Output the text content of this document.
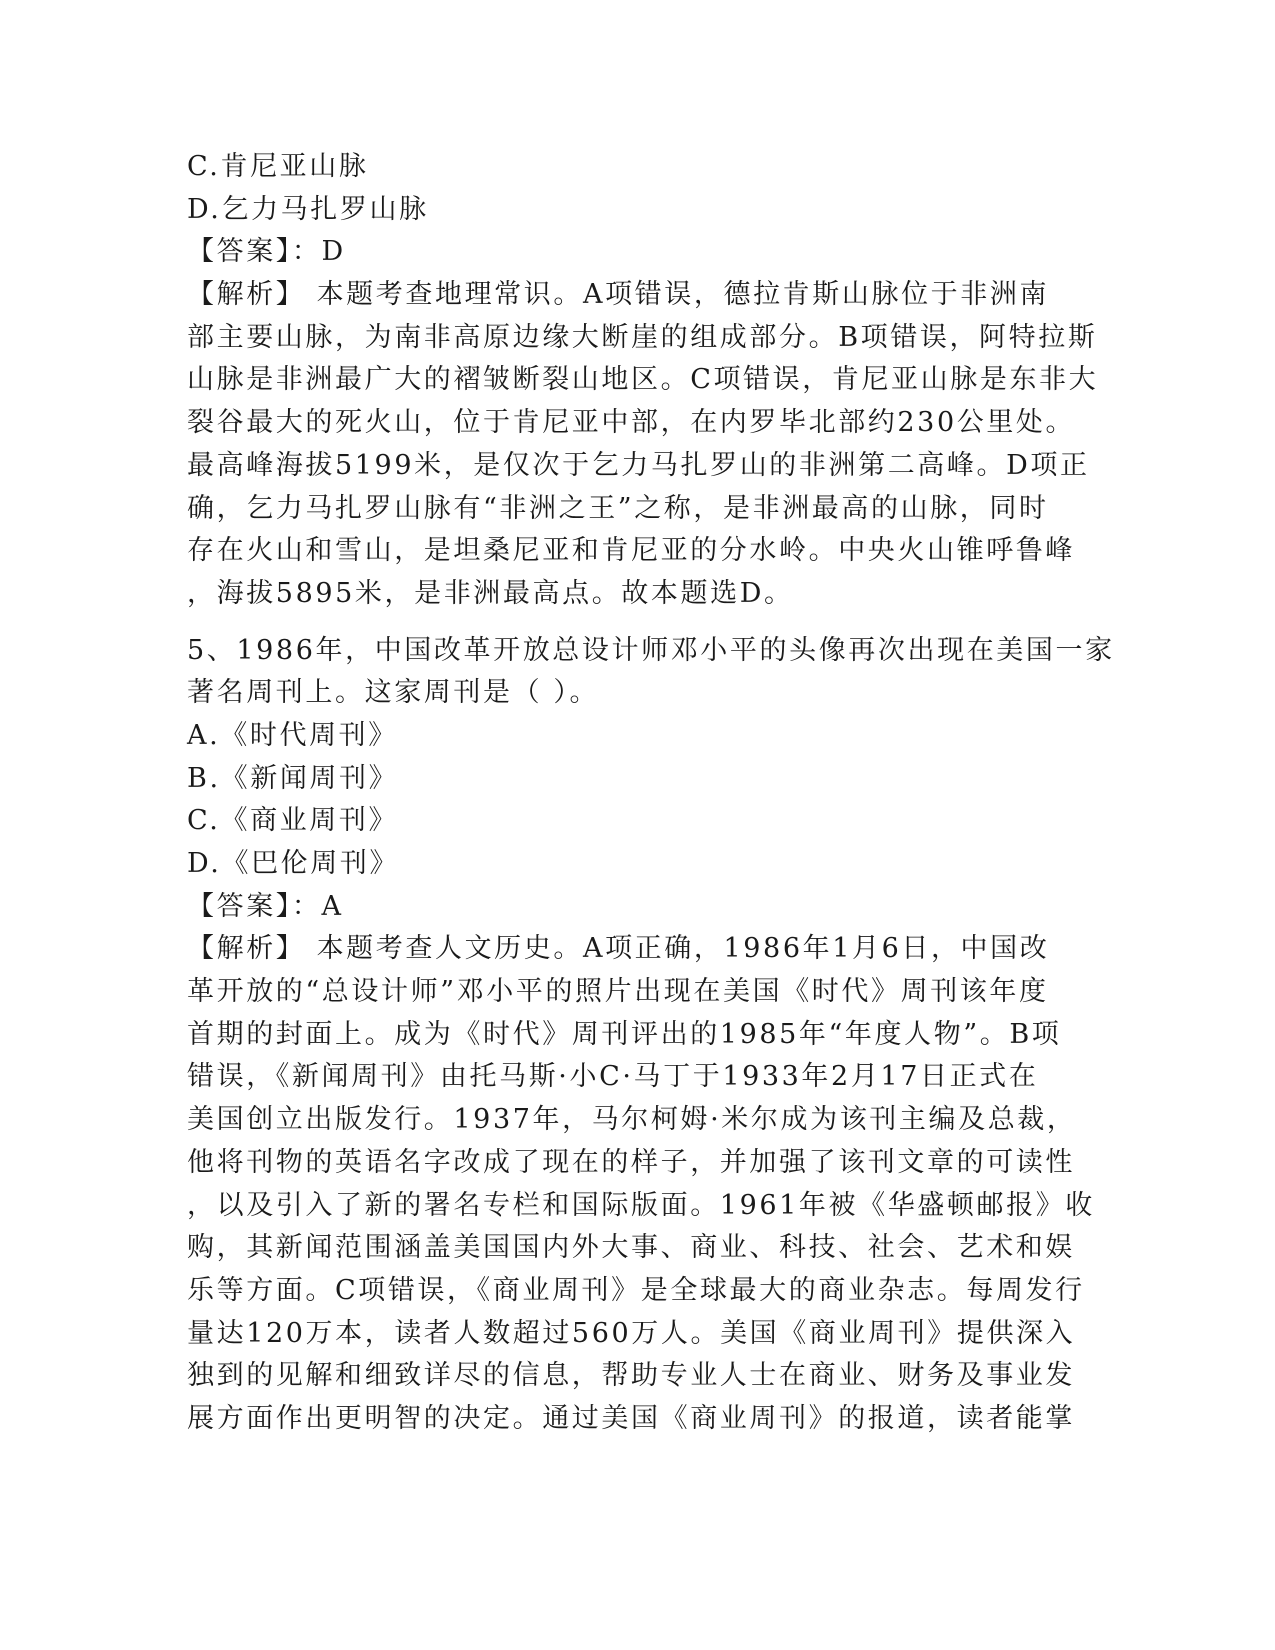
C.肯尼亚山脉
D.乞力马扎罗山脉
【答案】：D
【解析】 本题考查地理常识。A项错误，德拉肯斯山脉位于非洲南
部主要山脉，为南非高原边缘大断崖的组成部分。B项错误，阿特拉斯
山脉是非洲最广大的褶皱断裂山地区。C项错误，肯尼亚山脉是东非大
裂谷最大的死火山，位于肯尼亚中部，在内罗毕北部约230公里处。
最高峰海拔5199米，是仅次于乞力马扎罗山的非洲第二高峰。D项正
确，乞力马扎罗山脉有“非洲之王”之称，是非洲最高的山脉，同时
存在火山和雪山，是坦桑尼亚和肯尼亚的分水岭。中央火山锥呼鲁峰
，海拔5895米，是非洲最高点。故本题选D。
5、1986年，中国改革开放总设计师邓小平的头像再次出现在美国一家
著名周刊上。这家周刊是（ ）。
A.《时代周刊》
B.《新闻周刊》
C.《商业周刊》
D.《巴伦周刊》
【答案】：A
【解析】 本题考查人文历史。A项正确，1986年1月6日，中国改
革开放的“总设计师”邓小平的照片出现在美国《时代》周刊该年度
首期的封面上。成为《时代》周刊评出的1985年“年度人物”。B项
错误，《新闻周刊》由托马斯·小C·马丁于1933年2月17日正式在
美国创立出版发行。1937年，马尔柯姆·米尔成为该刊主编及总裁，
他将刊物的英语名字改成了现在的样子，并加强了该刊文章的可读性
，以及引入了新的署名专栏和国际版面。1961年被《华盛顿邮报》收
购，其新闻范围涵盖美国国内外大事、商业、科技、社会、艺术和娱
乐等方面。C项错误，《商业周刊》是全球最大的商业杂志。每周发行
量达120万本，读者人数超过560万人。美国《商业周刊》提供深入
独到的见解和细致详尽的信息，帮助专业人士在商业、财务及事业发
展方面作出更明智的决定。通过美国《商业周刊》的报道，读者能掌
